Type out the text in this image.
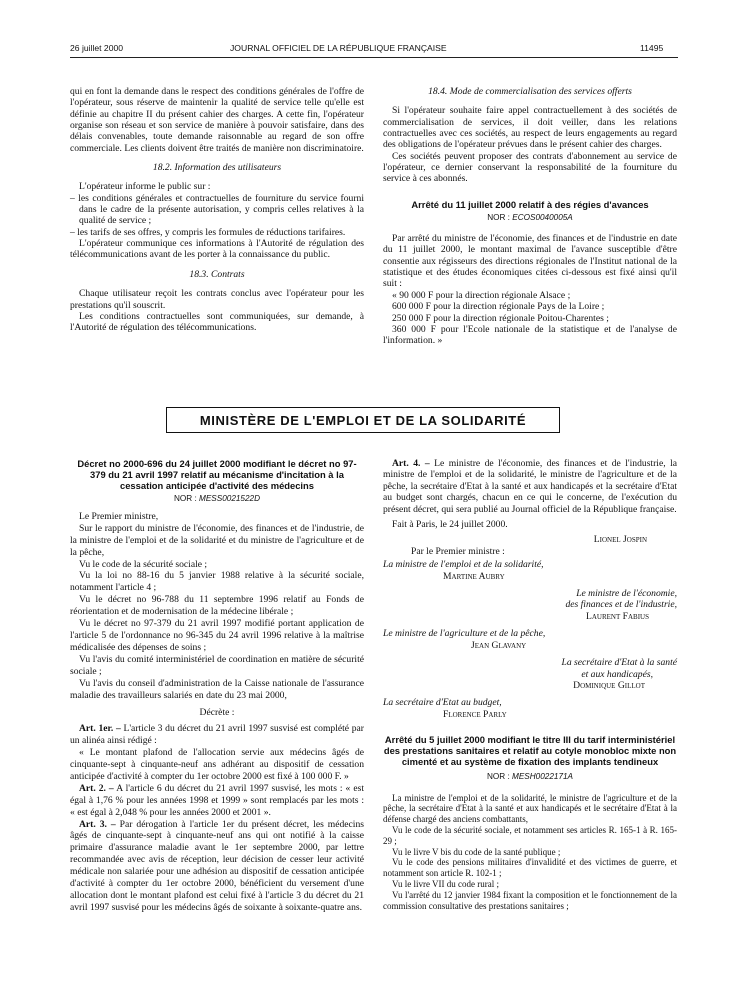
26 juillet 2000	JOURNAL OFFICIEL DE LA RÉPUBLIQUE FRANÇAISE	11495

qui en font la demande dans le respect des conditions générales de l'offre de l'opérateur, sous réserve de maintenir la qualité de service telle qu'elle est définie au chapitre II du présent cahier des charges. A cette fin, l'opérateur organise son réseau et son service de manière à pouvoir satisfaire, dans des délais convenables, toute demande raisonnable au regard de son offre commerciale. Les clients doivent être traités de manière non discriminatoire.

18.2. Information des utilisateurs

L'opérateur informe le public sur :

– les conditions générales et contractuelles de fourniture du service fourni dans le cadre de la présente autorisation, y compris celles relatives à la qualité de service ;

– les tarifs de ses offres, y compris les formules de réductions tarifaires.

L'opérateur communique ces informations à l'Autorité de régulation des télécommunications avant de les porter à la connaissance du public.

18.3. Contrats

Chaque utilisateur reçoit les contrats conclus avec l'opérateur pour les prestations qu'il souscrit.

Les conditions contractuelles sont communiquées, sur demande, à l'Autorité de régulation des télécommunications.

18.4. Mode de commercialisation des services offerts

Si l'opérateur souhaite faire appel contractuellement à des sociétés de commercialisation de services, il doit veiller, dans les relations contractuelles avec ces sociétés, au respect de leurs engagements au regard des obligations de l'opérateur prévues dans le présent cahier des charges.

Ces sociétés peuvent proposer des contrats d'abonnement au service de l'opérateur, ce dernier conservant la responsabilité de la fourniture du service à ces abonnés.

Arrêté du 11 juillet 2000 relatif à des régies d'avances

NOR : ECOS0040005A

Par arrêté du ministre de l'économie, des finances et de l'industrie en date du 11 juillet 2000, le montant maximal de l'avance susceptible d'être consentie aux régisseurs des directions régionales de l'Institut national de la statistique et des études économiques citées ci-dessous est fixé ainsi qu'il suit :

« 90 000 F pour la direction régionale Alsace ;

600 000 F pour la direction régionale Pays de la Loire ;

250 000 F pour la direction régionale Poitou-Charentes ;

360 000 F pour l'Ecole nationale de la statistique et de l'analyse de l'information. »

MINISTÈRE DE L'EMPLOI ET DE LA SOLIDARITÉ

Décret no 2000-696 du 24 juillet 2000 modifiant le décret no 97-379 du 21 avril 1997 relatif au mécanisme d'incitation à la cessation anticipée d'activité des médecins

NOR : MESS0021522D

Le Premier ministre,

Sur le rapport du ministre de l'économie, des finances et de l'industrie, de la ministre de l'emploi et de la solidarité et du ministre de l'agriculture et de la pêche,

Vu le code de la sécurité sociale ;

Vu la loi no 88-16 du 5 janvier 1988 relative à la sécurité sociale, notamment l'article 4 ;

Vu le décret no 96-788 du 11 septembre 1996 relatif au Fonds de réorientation et de modernisation de la médecine libérale ;

Vu le décret no 97-379 du 21 avril 1997 modifié portant application de l'article 5 de l'ordonnance no 96-345 du 24 avril 1996 relative à la maîtrise médicalisée des dépenses de soins ;

Vu l'avis du comité interministériel de coordination en matière de sécurité sociale ;

Vu l'avis du conseil d'administration de la Caisse nationale de l'assurance maladie des travailleurs salariés en date du 23 mai 2000,

Décrète :

Art. 1er. – L'article 3 du décret du 21 avril 1997 susvisé est complété par un alinéa ainsi rédigé :

« Le montant plafond de l'allocation servie aux médecins âgés de cinquante-sept à cinquante-neuf ans adhérant au dispositif de cessation anticipée d'activité à compter du 1er octobre 2000 est fixé à 100 000 F. »

Art. 2. – A l'article 6 du décret du 21 avril 1997 susvisé, les mots : « est égal à 1,76 % pour les années 1998 et 1999 » sont remplacés par les mots : « est égal à 2,048 % pour les années 2000 et 2001 ».

Art. 3. – Par dérogation à l'article 1er du présent décret, les médecins âgés de cinquante-sept à cinquante-neuf ans qui ont notifié à la caisse primaire d'assurance maladie avant le 1er septembre 2000, par lettre recommandée avec avis de réception, leur décision de cesser leur activité médicale non salariée pour une adhésion au dispositif de cessation anticipée d'activité à compter du 1er octobre 2000, bénéficient du versement d'une allocation dont le montant plafond est celui fixé à l'article 3 du décret du 21 avril 1997 susvisé pour les médecins âgés de soixante à soixante-quatre ans.

Art. 4. – Le ministre de l'économie, des finances et de l'industrie, la ministre de l'emploi et de la solidarité, le ministre de l'agriculture et de la pêche, la secrétaire d'Etat à la santé et aux handicapés et la secrétaire d'Etat au budget sont chargés, chacun en ce qui le concerne, de l'exécution du présent décret, qui sera publié au Journal officiel de la République française.

Fait à Paris, le 24 juillet 2000.

Lionel Jospin

Par le Premier ministre :

La ministre de l'emploi et de la solidarité,

Martine Aubry

Le ministre de l'économie,

des finances et de l'industrie,

Laurent Fabius

Le ministre de l'agriculture et de la pêche,

Jean Glavany

La secrétaire d'Etat à la santé

et aux handicapés,

Dominique Gillot

La secrétaire d'Etat au budget,

Florence Parly

Arrêté du 5 juillet 2000 modifiant le titre III du tarif interministériel des prestations sanitaires et relatif au cotyle monobloc mixte non cimenté et au système de fixation des implants tendineux

NOR : MESH0022171A

La ministre de l'emploi et de la solidarité, le ministre de l'agriculture et de la pêche, la secrétaire d'Etat à la santé et aux handicapés et le secrétaire d'Etat à la défense chargé des anciens combattants,

Vu le code de la sécurité sociale, et notamment ses articles R. 165-1 à R. 165-29 ;

Vu le livre V bis du code de la santé publique ;

Vu le code des pensions militaires d'invalidité et des victimes de guerre, et notamment son article R. 102-1 ;

Vu le livre VII du code rural ;

Vu l'arrêté du 12 janvier 1984 fixant la composition et le fonctionnement de la commission consultative des prestations sanitaires ;
